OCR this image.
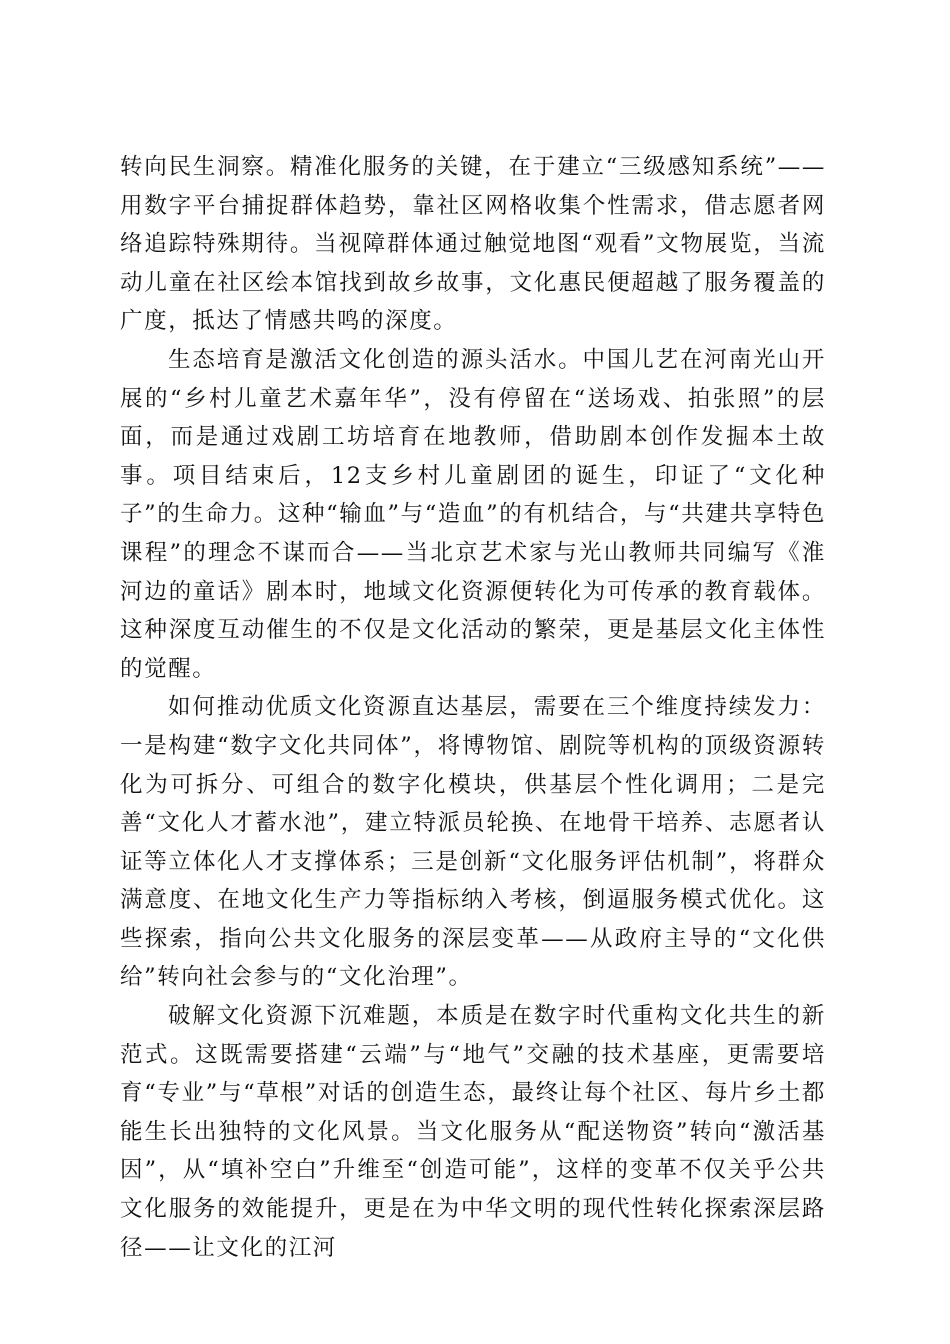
转向民生洞察。精准化服务的关键，在于建立“三级感知系统”——用数字平台捕捉群体趋势，靠社区网格收集个性需求，借志愿者网络追踪特殊期待。当视障群体通过触觉地图“观看”文物展览，当流动儿童在社区绘本馆找到故乡故事，文化惠民便超越了服务覆盖的广度，抵达了情感共鸣的深度。

生态培育是激活文化创造的源头活水。中国儿艺在河南光山开展的“乡村儿童艺术嘉年华”，没有停留在“送场戏、拍张照”的层面，而是通过戏剧工坊培育在地教师，借助剧本创作发掘本土故事。项目结束后，12支乡村儿童剧团的诞生，印证了“文化种子”的生命力。这种“输血”与“造血”的有机结合，与“共建共享特色课程”的理念不谋而合——当北京艺术家与光山教师共同编写《淮河边的童话》剧本时，地域文化资源便转化为可传承的教育载体。这种深度互动催生的不仅是文化活动的繁荣，更是基层文化主体性的觉醒。

如何推动优质文化资源直达基层，需要在三个维度持续发力：一是构建“数字文化共同体”，将博物馆、剧院等机构的顶级资源转化为可拆分、可组合的数字化模块，供基层个性化调用；二是完善“文化人才蓄水池”，建立特派员轮换、在地骨干培养、志愿者认证等立体化人才支撑体系；三是创新“文化服务评估机制”，将群众满意度、在地文化生产力等指标纳入考核，倒逼服务模式优化。这些探索，指向公共文化服务的深层变革——从政府主导的“文化供给”转向社会参与的“文化治理”。

破解文化资源下沉难题，本质是在数字时代重构文化共生的新范式。这既需要搭建“云端”与“地气”交融的技术基座，更需要培育“专业”与“草根”对话的创造生态，最终让每个社区、每片乡土都能生长出独特的文化风景。当文化服务从“配送物资”转向“激活基因”，从“填补空白”升维至“创造可能”，这样的变革不仅关乎公共文化服务的效能提升，更是在为中华文明的现代性转化探索深层路径——让文化的江河
